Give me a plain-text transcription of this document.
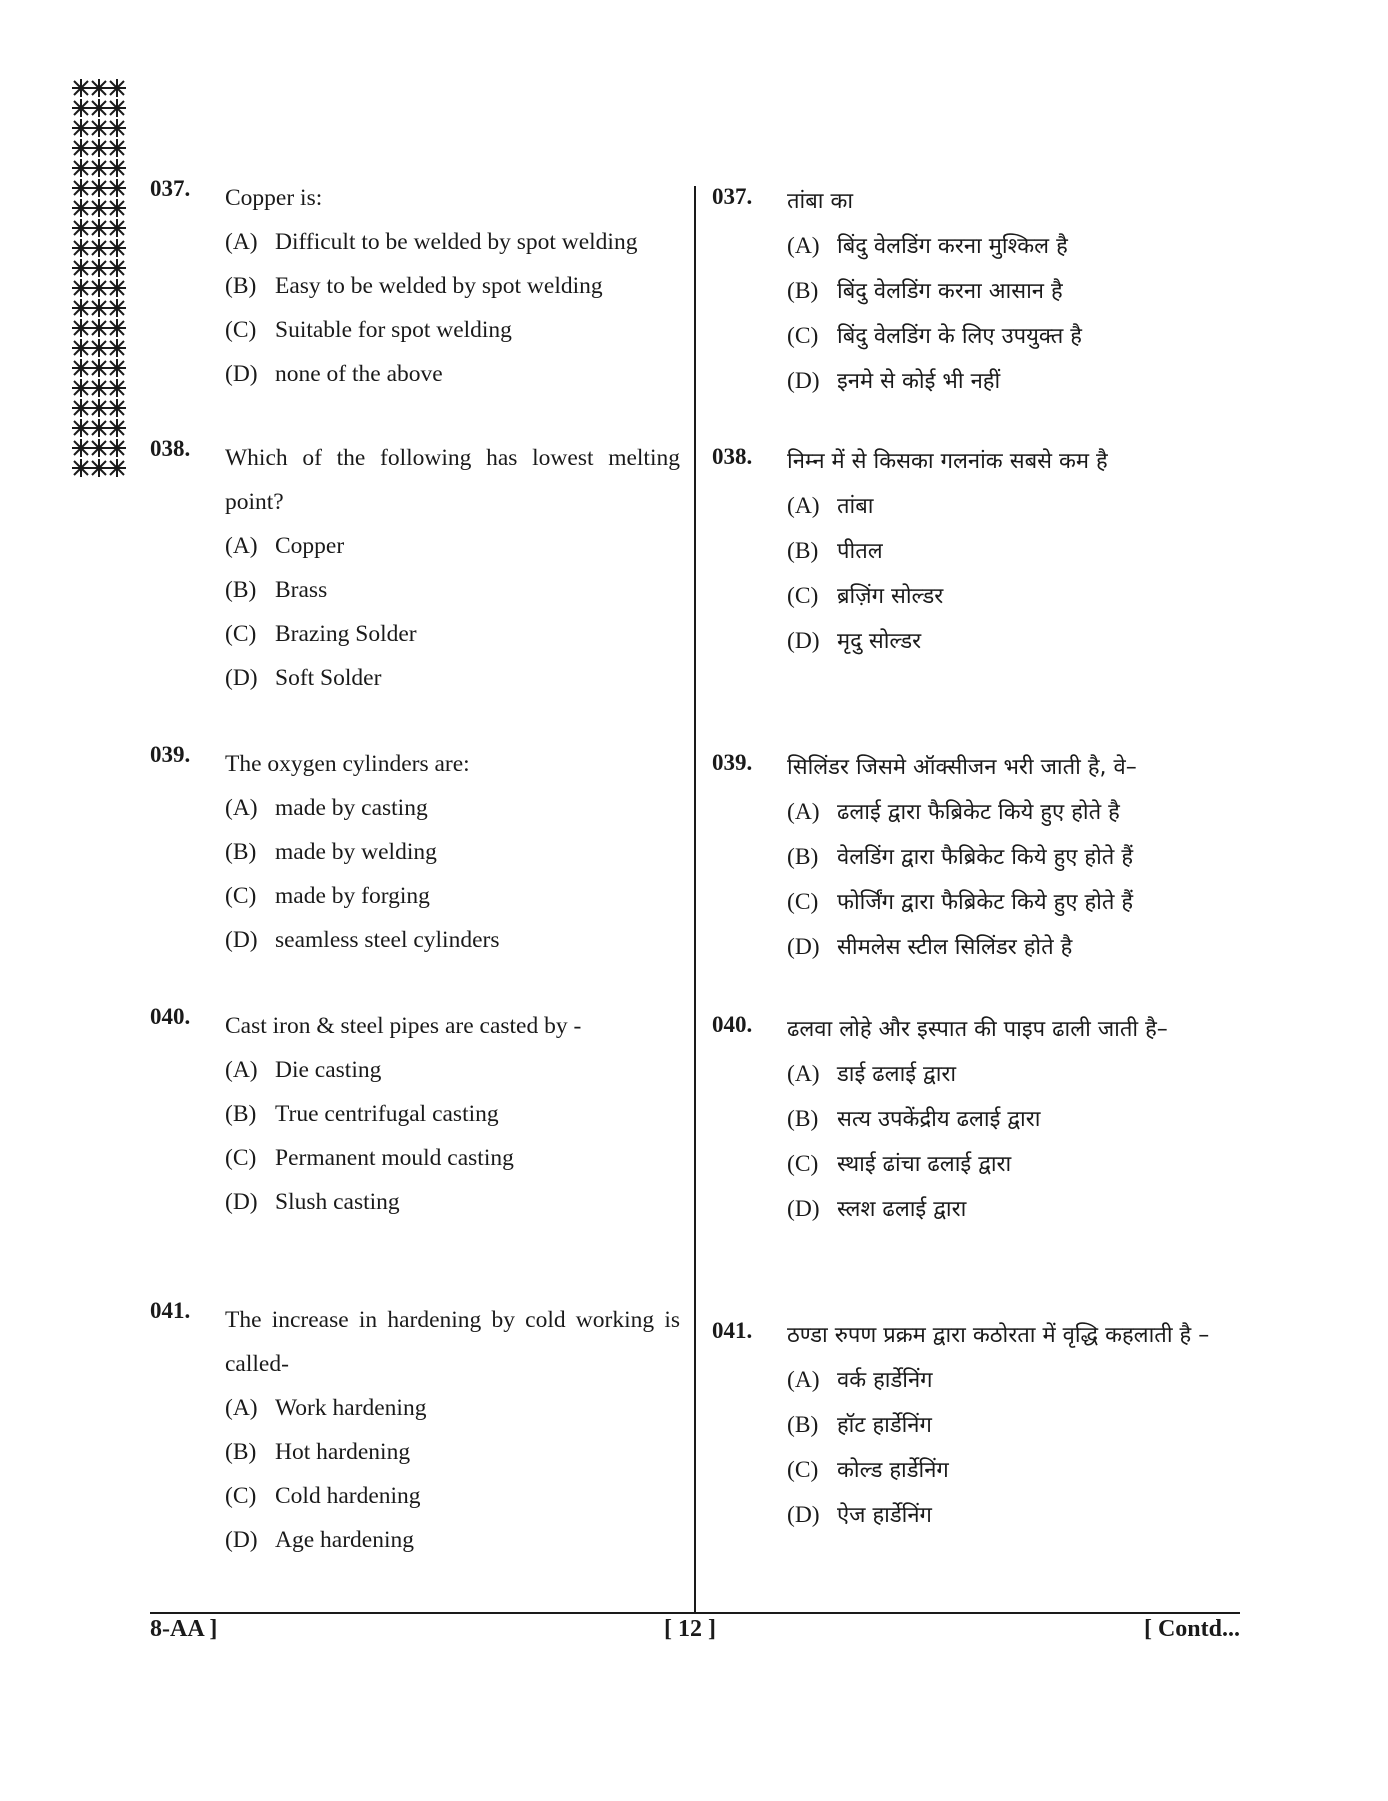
037. Copper is:
(A) Difficult to be welded by spot welding
(B) Easy to be welded by spot welding
(C) Suitable for spot welding
(D) none of the above
038. Which of the following has lowest melting point?
(A) Copper
(B) Brass
(C) Brazing Solder
(D) Soft Solder
039. The oxygen cylinders are:
(A) made by casting
(B) made by welding
(C) made by forging
(D) seamless steel cylinders
040. Cast iron & steel pipes are casted by -
(A) Die casting
(B) True centrifugal casting
(C) Permanent mould casting
(D) Slush casting
041. The increase in hardening by cold working is called-
(A) Work hardening
(B) Hot hardening
(C) Cold hardening
(D) Age hardening
037. तांबा का
(A) बिंदु वेलडिंग करना मुश्किल है
(B) बिंदु वेलडिंग करना आसान है
(C) बिंदु वेलडिंग के लिए उपयुक्त है
(D) इनमे से कोई भी नहीं
038. निम्न में से किसका गलनांक सबसे कम है
(A) तांबा
(B) पीतल
(C) ब्रज़िंग सोल्डर
(D) मृदु सोल्डर
039. सिलिंडर जिसमे ऑक्सीजन भरी जाती है, वे–
(A) ढलाई द्वारा फैब्रिकेट किये हुए होते है
(B) वेलडिंग द्वारा फैब्रिकेट किये हुए होते हैं
(C) फोर्जिंग द्वारा फैब्रिकेट किये हुए होते हैं
(D) सीमलेस स्टील सिलिंडर होते है
040. ढलवा लोहे और इस्पात की पाइप ढाली जाती है–
(A) डाई ढलाई द्वारा
(B) सत्य उपकेंद्रीय ढलाई द्वारा
(C) स्थाई ढांचा ढलाई द्वारा
(D) स्लश ढलाई द्वारा
041. ठण्डा रुपण प्रक्रम द्वारा कठोरता में वृद्धि कहलाती है –
(A) वर्क हार्डेनिंग
(B) हॉट हार्डेनिंग
(C) कोल्ड हार्डेनिंग
(D) ऐज हार्डेनिंग
8-AA ]	[ 12 ]	[ Contd...
